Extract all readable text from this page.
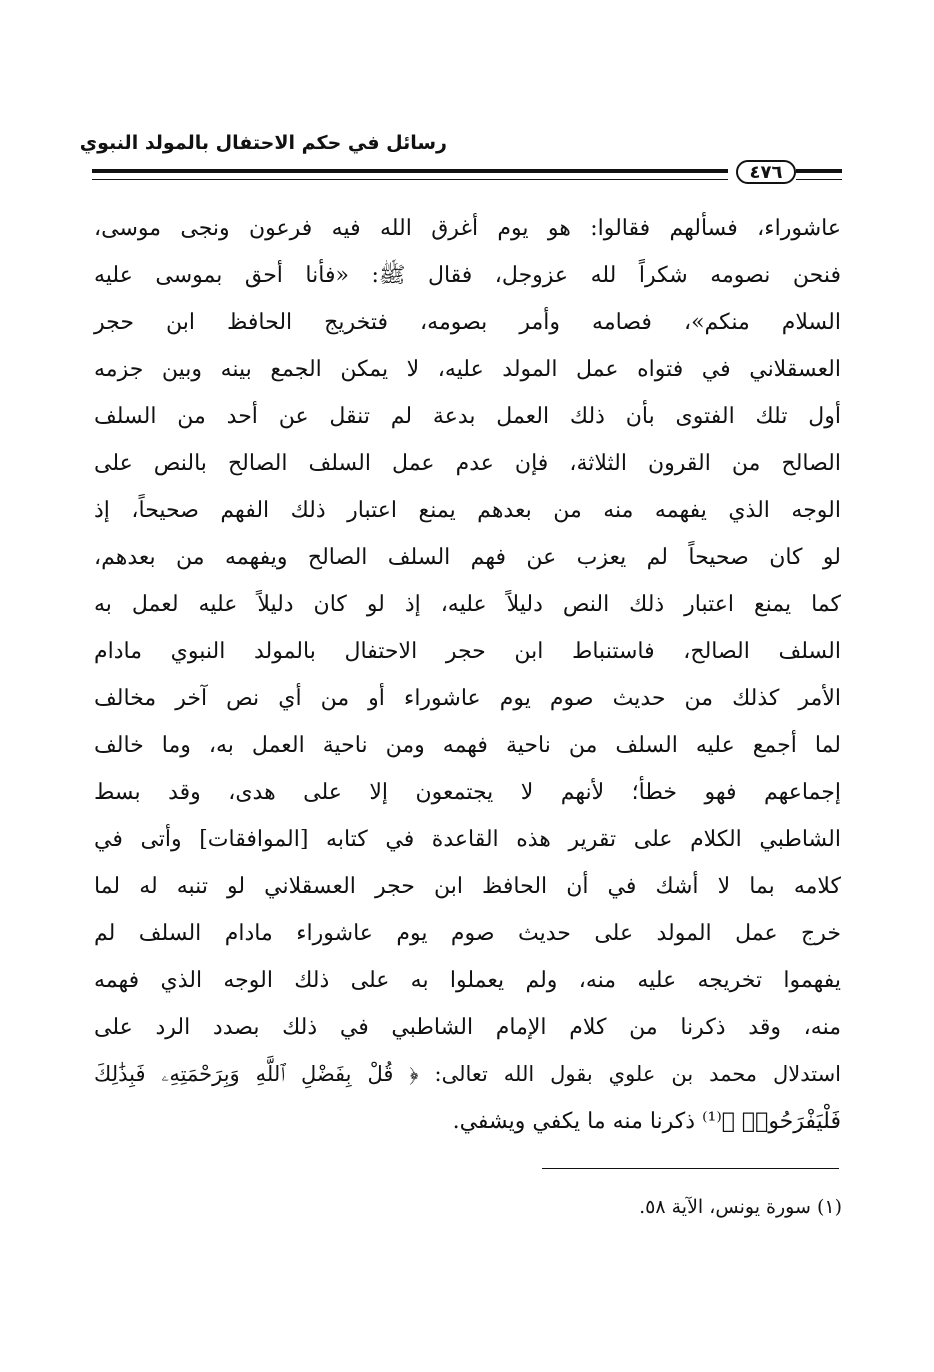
رسائل في حكم الاحتفال بالمولد النبوي
٤٧٦
عاشوراء، فسألهم فقالوا: هو يوم أغرق الله فيه فرعون ونجى موسى،
فنحن نصومه شكراً لله عزوجل، فقال ﷺ: «فأنا أحق بموسى عليه
السلام منكم»، فصامه وأمر بصومه، فتخريج الحافظ ابن حجر
العسقلاني في فتواه عمل المولد عليه، لا يمكن الجمع بينه وبين جزمه
أول تلك الفتوى بأن ذلك العمل بدعة لم تنقل عن أحد من السلف
الصالح من القرون الثلاثة، فإن عدم عمل السلف الصالح بالنص على
الوجه الذي يفهمه منه من بعدهم يمنع اعتبار ذلك الفهم صحيحاً، إذ
لو كان صحيحاً لم يعزب عن فهم السلف الصالح ويفهمه من بعدهم،
كما يمنع اعتبار ذلك النص دليلاً عليه، إذ لو كان دليلاً عليه لعمل به
السلف الصالح، فاستنباط ابن حجر الاحتفال بالمولد النبوي مادام
الأمر كذلك من حديث صوم يوم عاشوراء أو من أي نص آخر مخالف
لما أجمع عليه السلف من ناحية فهمه ومن ناحية العمل به، وما خالف
إجماعهم فهو خطأ؛ لأنهم لا يجتمعون إلا على هدى، وقد بسط
الشاطبي الكلام على تقرير هذه القاعدة في كتابه [الموافقات] وأتى في
كلامه بما لا أشك في أن الحافظ ابن حجر العسقلاني لو تنبه له لما
خرج عمل المولد على حديث صوم يوم عاشوراء مادام السلف لم
يفهموا تخريجه عليه منه، ولم يعملوا به على ذلك الوجه الذي فهمه
منه، وقد ذكرنا من كلام الإمام الشاطبي في ذلك بصدد الرد على
استدلال محمد بن علوي بقول الله تعالى: ﴿ قُلْ بِفَضْلِ ٱللَّهِ وَبِرَحْمَتِهِۦ فَبِذَٰلِكَ
فَلْيَفْرَحُوا۟ ﴾⁽¹⁾ ذكرنا منه ما يكفي ويشفي.
(١) سورة يونس، الآية ٥٨.
